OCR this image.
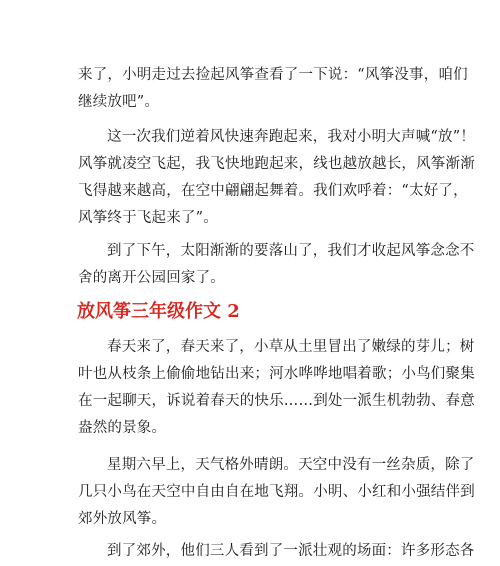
来了，小明走过去捡起风筝查看了一下说：“风筝没事，咱们
继续放吧”。

这一次我们逆着风快速奔跑起来，我对小明大声喊“放”！
风筝就凌空飞起，我飞快地跑起来，线也越放越长，风筝渐渐
飞得越来越高，在空中翩翩起舞着。我们欢呼着：“太好了，
风筝终于飞起来了”。

到了下午，太阳渐渐的要落山了，我们才收起风筝念念不
舍的离开公园回家了。

放风筝三年级作文 2

春天来了，春天来了，小草从土里冒出了嫩绿的芽儿；树
叶也从枝条上偷偷地钻出来；河水哗哗地唱着歌；小鸟们聚集
在一起聊天，诉说着春天的快乐……到处一派生机勃勃、春意
盎然的景象。

星期六早上，天气格外晴朗。天空中没有一丝杂质，除了
几只小鸟在天空中自由自在地飞翔。小明、小红和小强结伴到
郊外放风筝。

到了郊外，他们三人看到了一派壮观的场面：许多形态各
